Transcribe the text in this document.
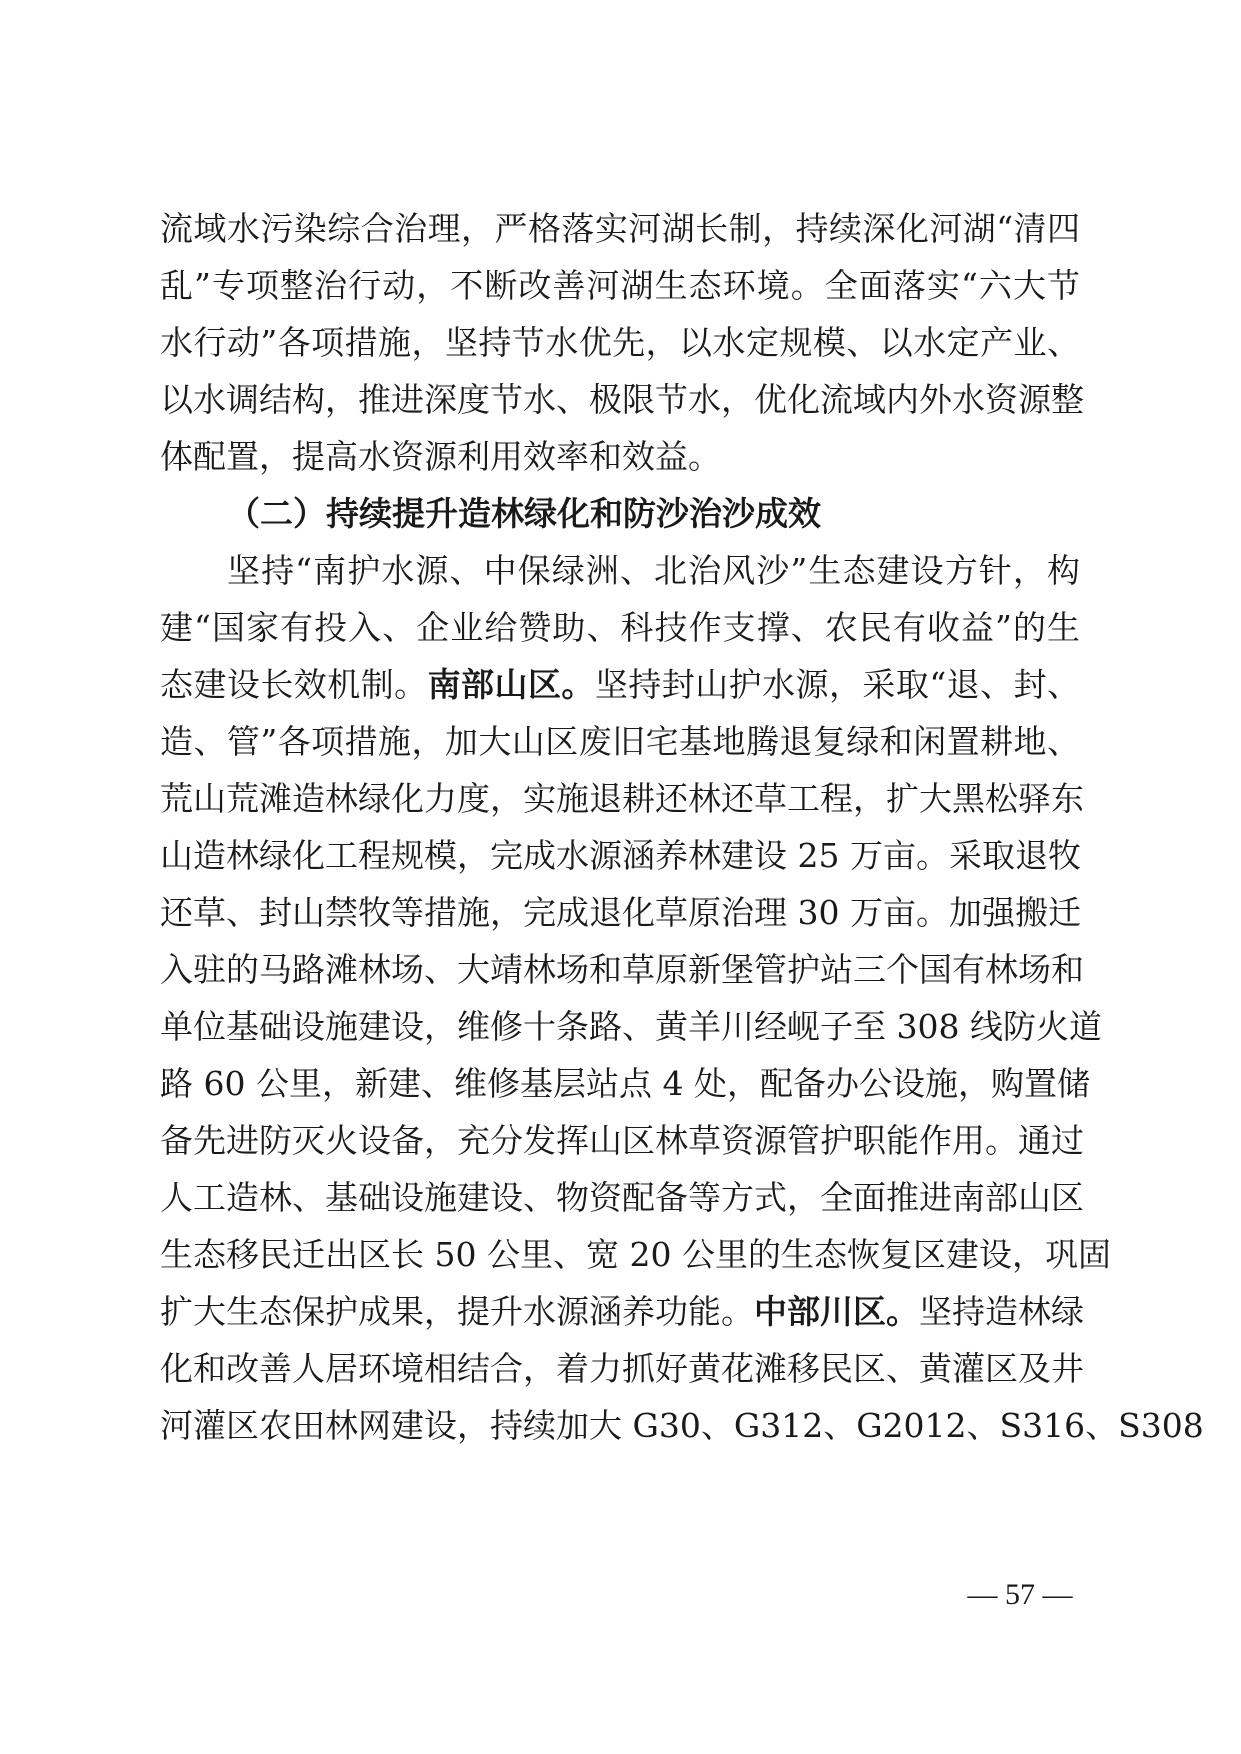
流域水污染综合治理，严格落实河湖长制，持续深化河湖“清四
乱”专项整治行动，不断改善河湖生态环境。全面落实“六大节
水行动”各项措施，坚持节水优先，以水定规模、以水定产业、
以水调结构，推进深度节水、极限节水，优化流域内外水资源整
体配置，提高水资源利用效率和效益。
（二）持续提升造林绿化和防沙治沙成效
坚持“南护水源、中保绿洲、北治风沙”生态建设方针，构
建“国家有投入、企业给赞助、科技作支撑、农民有收益”的生
态建设长效机制。南部山区。坚持封山护水源，采取“退、封、
造、管”各项措施，加大山区废旧宅基地腾退复绿和闲置耕地、
荒山荒滩造林绿化力度，实施退耕还林还草工程，扩大黑松驿东
山造林绿化工程规模，完成水源涵养林建设 25 万亩。采取退牧
还草、封山禁牧等措施，完成退化草原治理 30 万亩。加强搬迁
入驻的马路滩林场、大靖林场和草原新堡管护站三个国有林场和
单位基础设施建设，维修十条路、黄羊川经岘子至 308 线防火道
路 60 公里，新建、维修基层站点 4 处，配备办公设施，购置储
备先进防灭火设备，充分发挥山区林草资源管护职能作用。通过
人工造林、基础设施建设、物资配备等方式，全面推进南部山区
生态移民迁出区长 50 公里、宽 20 公里的生态恢复区建设，巩固
扩大生态保护成果，提升水源涵养功能。中部川区。坚持造林绿
化和改善人居环境相结合，着力抓好黄花滩移民区、黄灌区及井
河灌区农田林网建设，持续加大 G30、G312、G2012、S316、S308
— 57 —
